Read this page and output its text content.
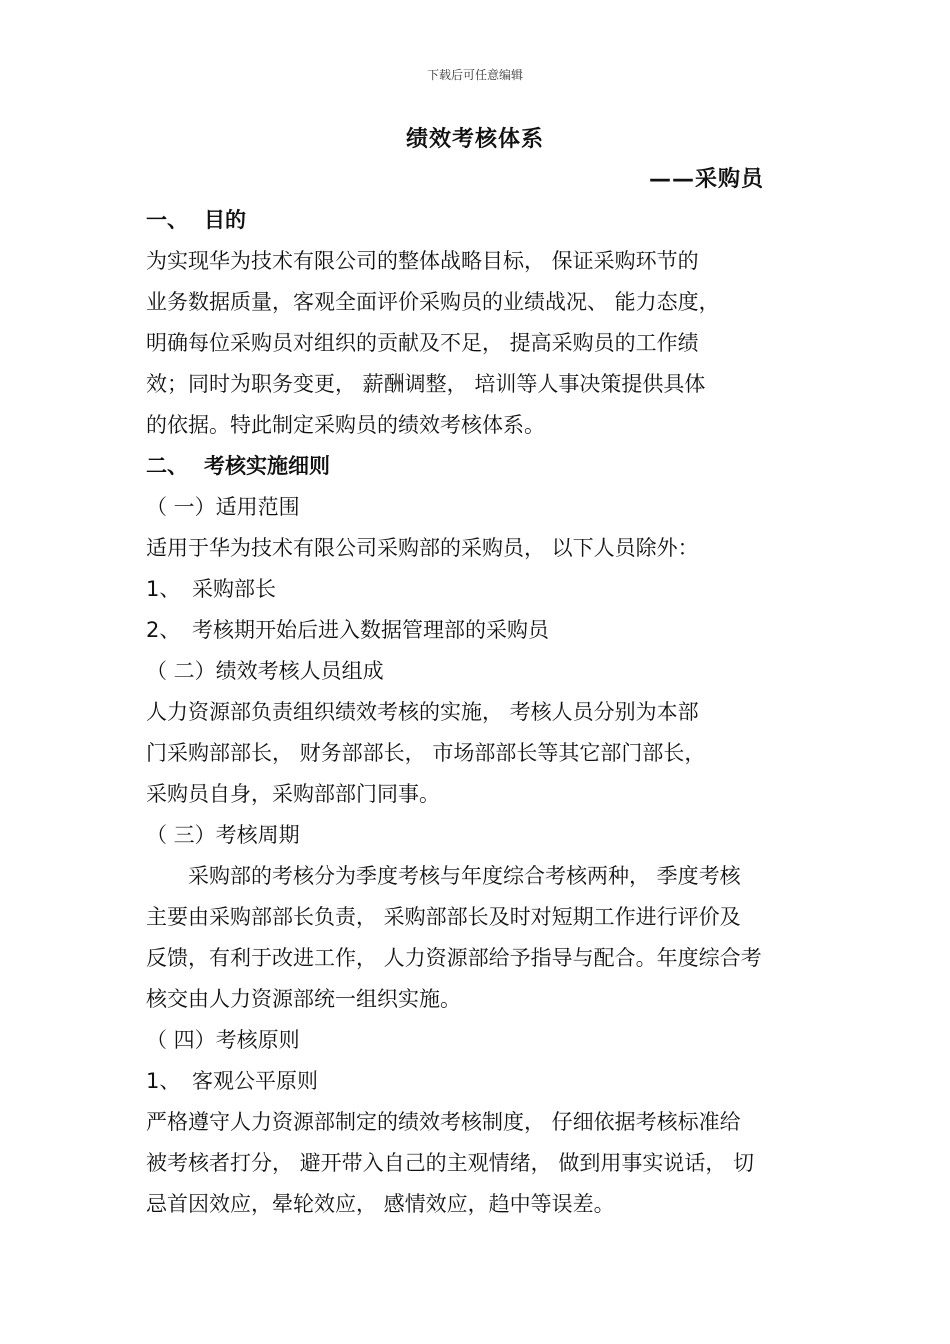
下载后可任意编辑
绩效考核体系
——采购员

一、 目的

为实现华为技术有限公司的整体战略目标， 保证采购环节的

业务数据质量，客观全面评价采购员的业绩战况、 能力态度，

明确每位采购员对组织的贡献及不足， 提高采购员的工作绩

效；同时为职务变更， 薪酬调整， 培训等人事决策提供具体

的依据。特此制定采购员的绩效考核体系。

二、 考核实施细则

（ 一）适用范围

适用于华为技术有限公司采购部的采购员， 以下人员除外：

1、 采购部长

2、 考核期开始后进入数据管理部的采购员

（ 二）绩效考核人员组成

人力资源部负责组织绩效考核的实施， 考核人员分别为本部

门采购部部长， 财务部部长， 市场部部长等其它部门部长，

采购员自身，采购部部门同事。

（ 三）考核周期

采购部的考核分为季度考核与年度综合考核两种， 季度考核

主要由采购部部长负责， 采购部部长及时对短期工作进行评价及

反馈，有利于改进工作， 人力资源部给予指导与配合。年度综合考

核交由人力资源部统一组织实施。

（ 四）考核原则

1、 客观公平原则

严格遵守人力资源部制定的绩效考核制度， 仔细依据考核标准给

被考核者打分， 避开带入自己的主观情绪， 做到用事实说话， 切

忌首因效应，晕轮效应， 感情效应，趋中等误差。
